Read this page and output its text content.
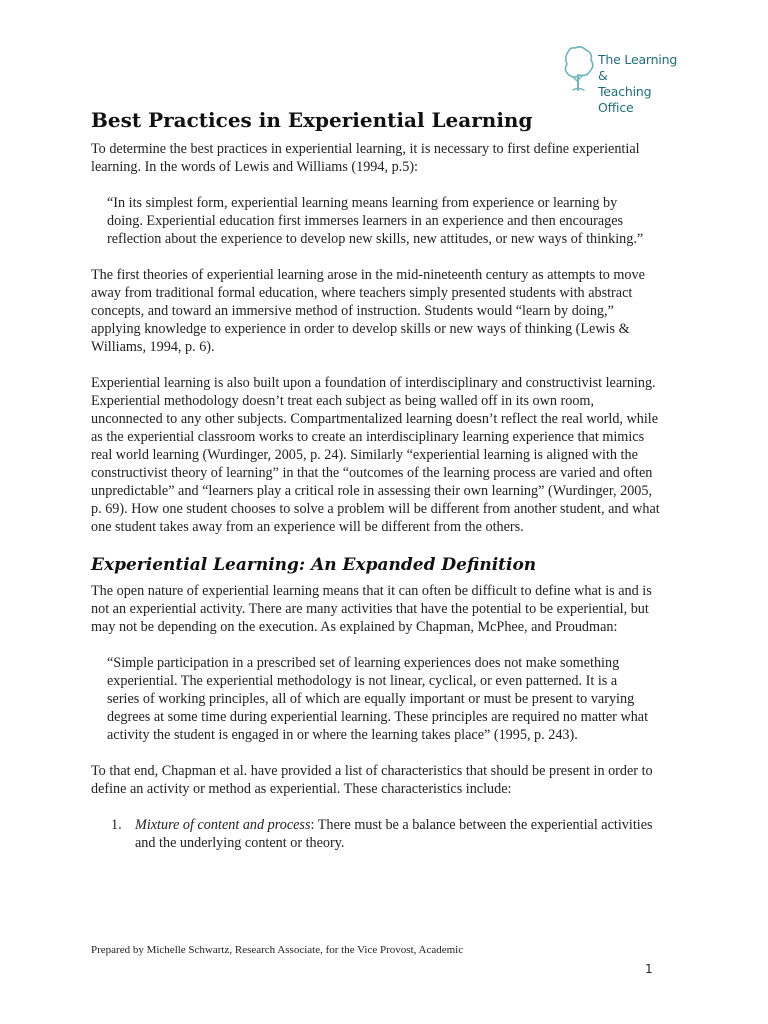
The Learning &
Teaching Office
Best Practices in Experiential Learning

To determine the best practices in experiential learning, it is necessary to first define experiential learning. In the words of Lewis and Williams (1994, p.5):

“In its simplest form, experiential learning means learning from experience or learning by doing. Experiential education first immerses learners in an experience and then encourages reflection about the experience to develop new skills, new attitudes, or new ways of thinking.”

The first theories of experiential learning arose in the mid-nineteenth century as attempts to move away from traditional formal education, where teachers simply presented students with abstract concepts, and toward an immersive method of instruction. Students would “learn by doing,” applying knowledge to experience in order to develop skills or new ways of thinking (Lewis & Williams, 1994, p. 6).

Experiential learning is also built upon a foundation of interdisciplinary and constructivist learning. Experiential methodology doesn’t treat each subject as being walled off in its own room, unconnected to any other subjects. Compartmentalized learning doesn’t reflect the real world, while as the experiential classroom works to create an interdisciplinary learning experience that mimics real world learning (Wurdinger, 2005, p. 24). Similarly “experiential learning is aligned with the constructivist theory of learning” in that the “outcomes of the learning process are varied and often unpredictable” and “learners play a critical role in assessing their own learning” (Wurdinger, 2005, p. 69). How one student chooses to solve a problem will be different from another student, and what one student takes away from an experience will be different from the others.

Experiential Learning: An Expanded Definition

The open nature of experiential learning means that it can often be difficult to define what is and is not an experiential activity. There are many activities that have the potential to be experiential, but may not be depending on the execution. As explained by Chapman, McPhee, and Proudman:

“Simple participation in a prescribed set of learning experiences does not make something experiential. The experiential methodology is not linear, cyclical, or even patterned. It is a series of working principles, all of which are equally important or must be present to varying degrees at some time during experiential learning. These principles are required no matter what activity the student is engaged in or where the learning takes place” (1995, p. 243).

To that end, Chapman et al. have provided a list of characteristics that should be present in order to define an activity or method as experiential. These characteristics include:

1. Mixture of content and process: There must be a balance between the experiential activities and the underlying content or theory.
Prepared by Michelle Schwartz, Research Associate, for the Vice Provost, Academic
1
